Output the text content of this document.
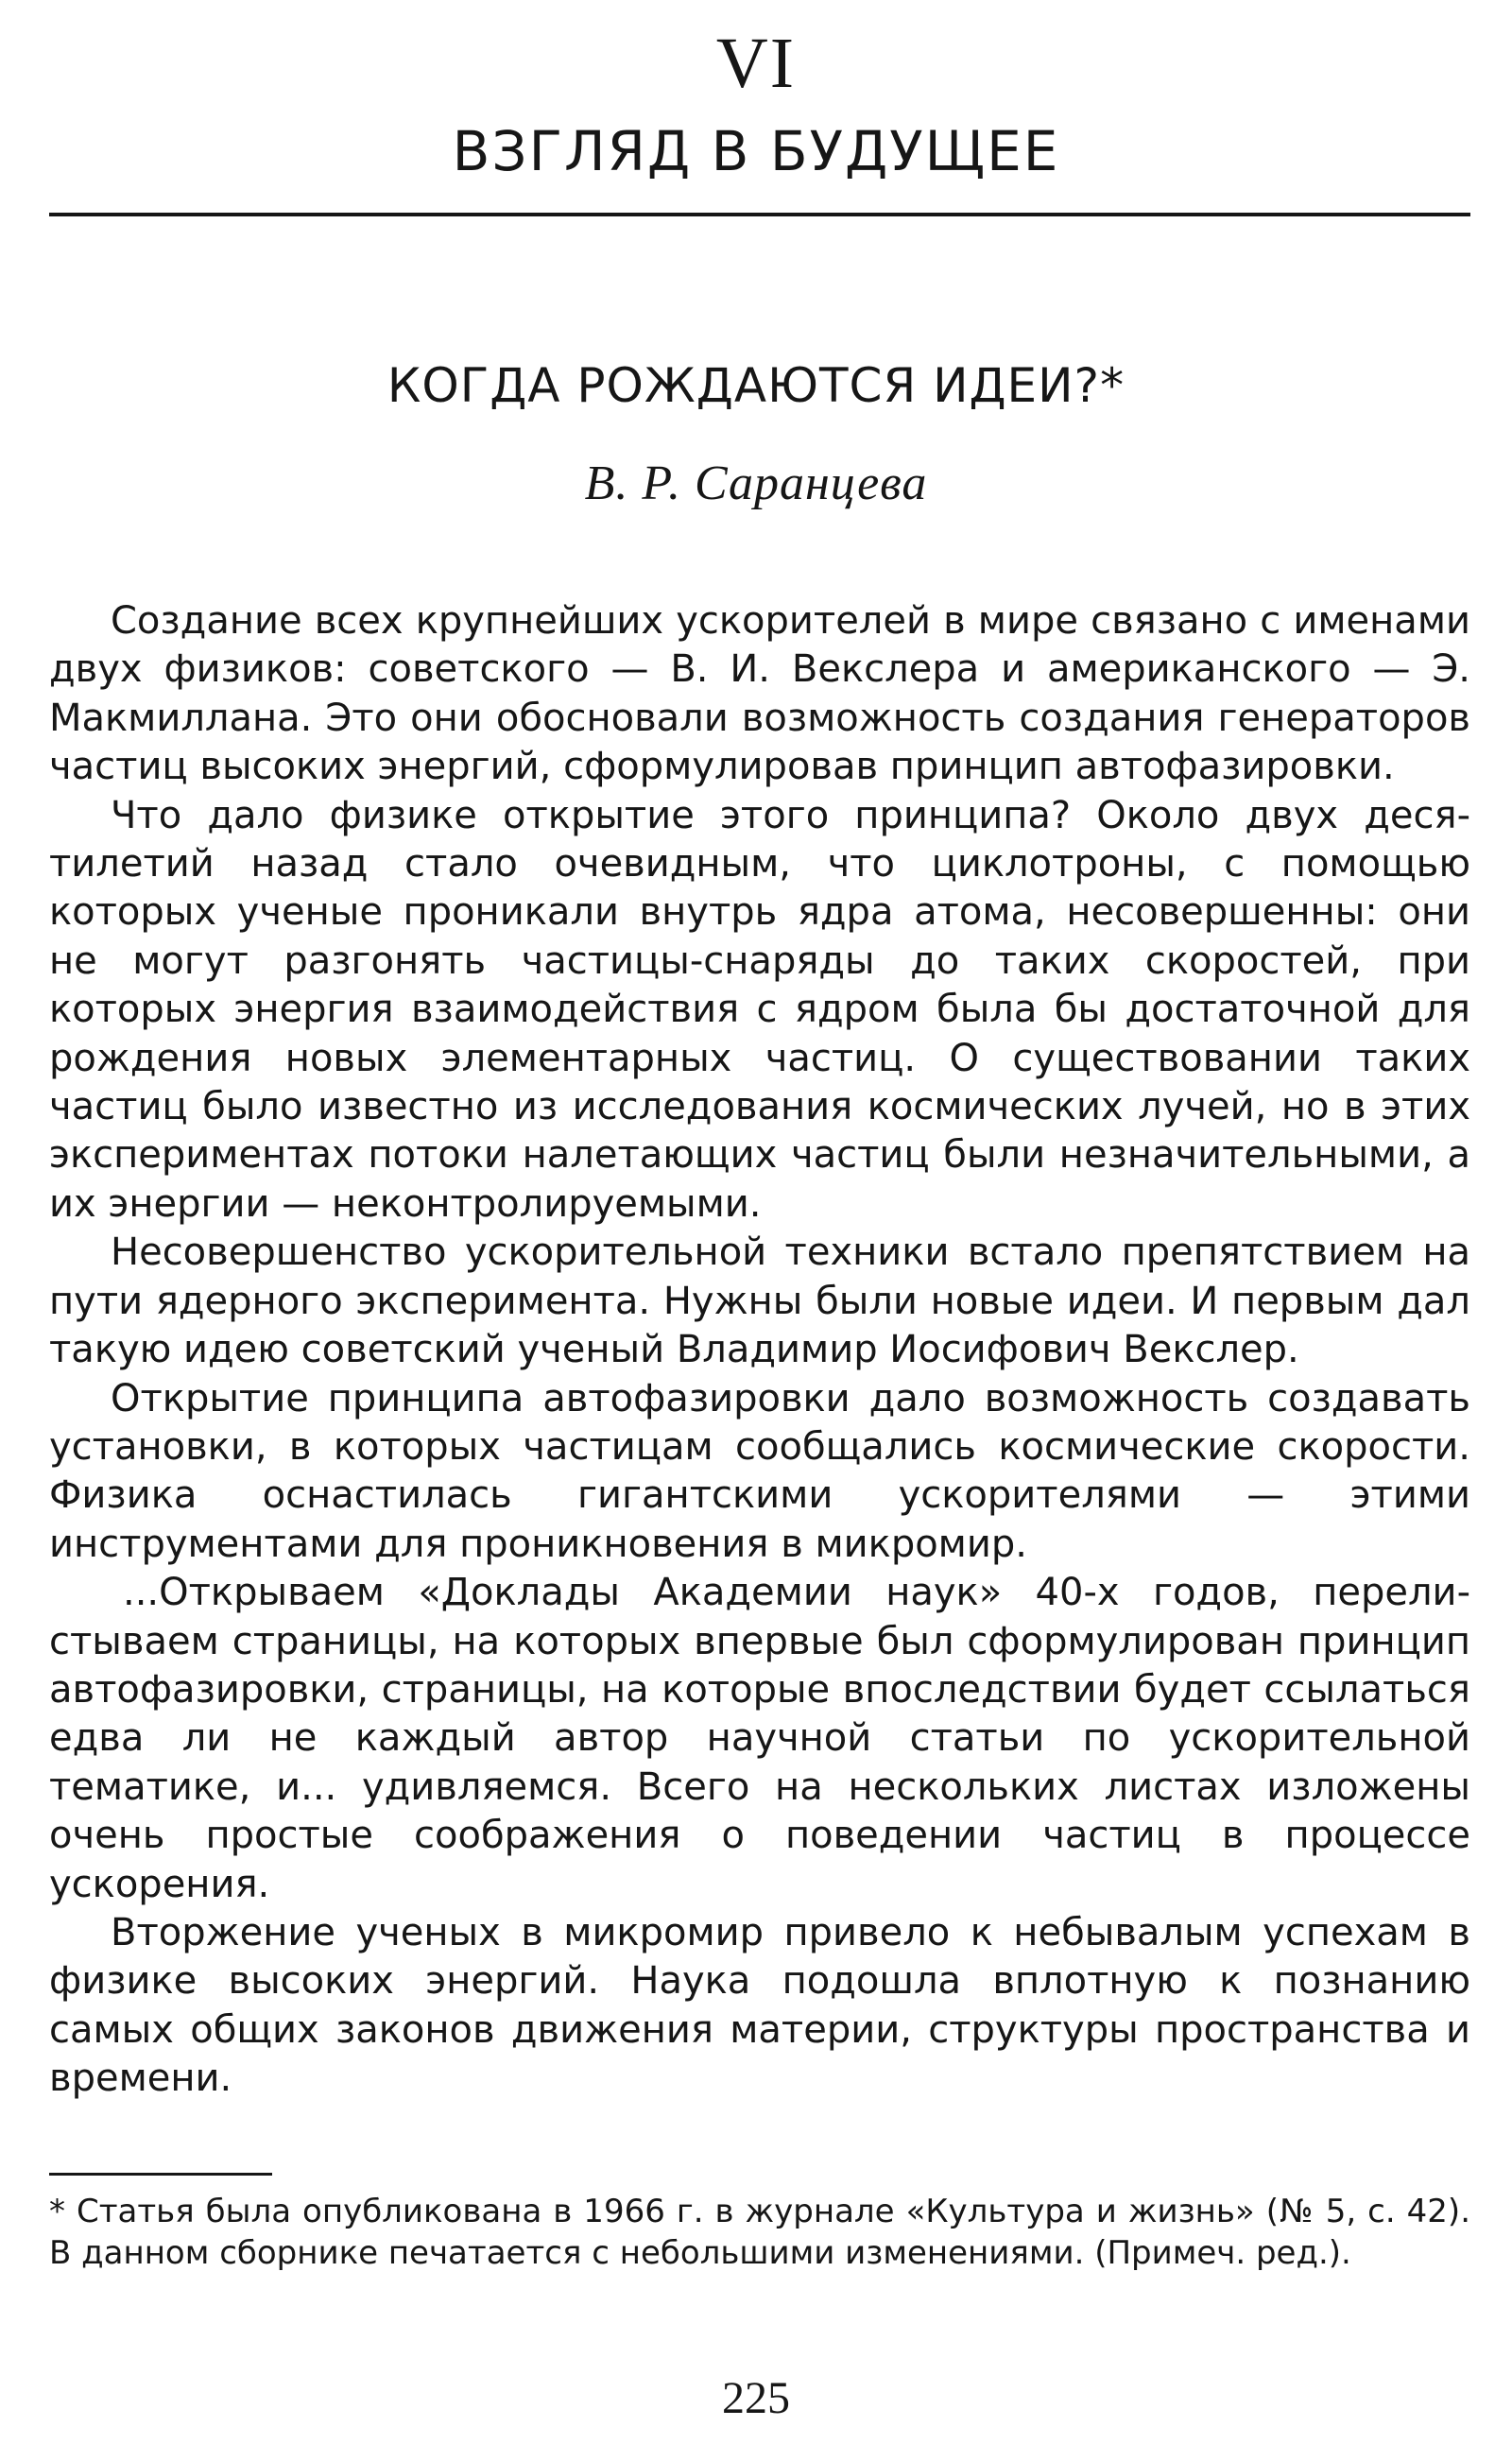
VI
ВЗГЛЯД В БУДУЩЕЕ
КОГДА РОЖДАЮТСЯ ИДЕИ?*
В. Р. Саранцева

Создание всех крупнейших ускорителей в мире связано с именами двух физиков: советского — В. И. Векслера и американского — Э. Макмиллана. Это они обосновали возможность создания генераторов частиц высоких энергий, сформулировав принцип автофазировки.

Что дало физике открытие этого принципа? Около двух десятилетий назад стало очевидным, что циклотроны, с помощью которых ученые проникали внутрь ядра атома, несовершенны: они не могут разгонять частицы-снаряды до таких скоростей, при которых энергия взаимодействия с ядром была бы достаточной для рождения новых элементарных частиц. О существовании таких частиц было известно из исследования космических лучей, но в этих экспериментах потоки налетающих частиц были незначительными, а их энергии — неконтролируемыми.

Несовершенство ускорительной техники встало препятствием на пути ядерного эксперимента. Нужны были новые идеи. И первым дал такую идею советский ученый Владимир Иосифович Векслер.

Открытие принципа автофазировки дало возможность создавать установки, в которых частицам сообщались космические скорости. Физика оснастилась гигантскими ускорителями — этими инструментами для проникновения в микромир.

...Открываем «Доклады Академии наук» 40-х годов, перелистываем страницы, на которых впервые был сформулирован принцип автофазировки, страницы, на которые впоследствии будет ссылаться едва ли не каждый автор научной статьи по ускорительной тематике, и... удивляемся. Всего на нескольких листах изложены очень простые соображения о поведении частиц в процессе ускорения.

Вторжение ученых в микромир привело к небывалым успехам в физике высоких энергий. Наука подошла вплотную к познанию самых общих законов движения материи, структуры пространства и времени.

* Статья была опубликована в 1966 г. в журнале «Культура и жизнь» (№ 5, с. 42). В данном сборнике печатается с небольшими изменениями. (Примеч. ред.).
225
